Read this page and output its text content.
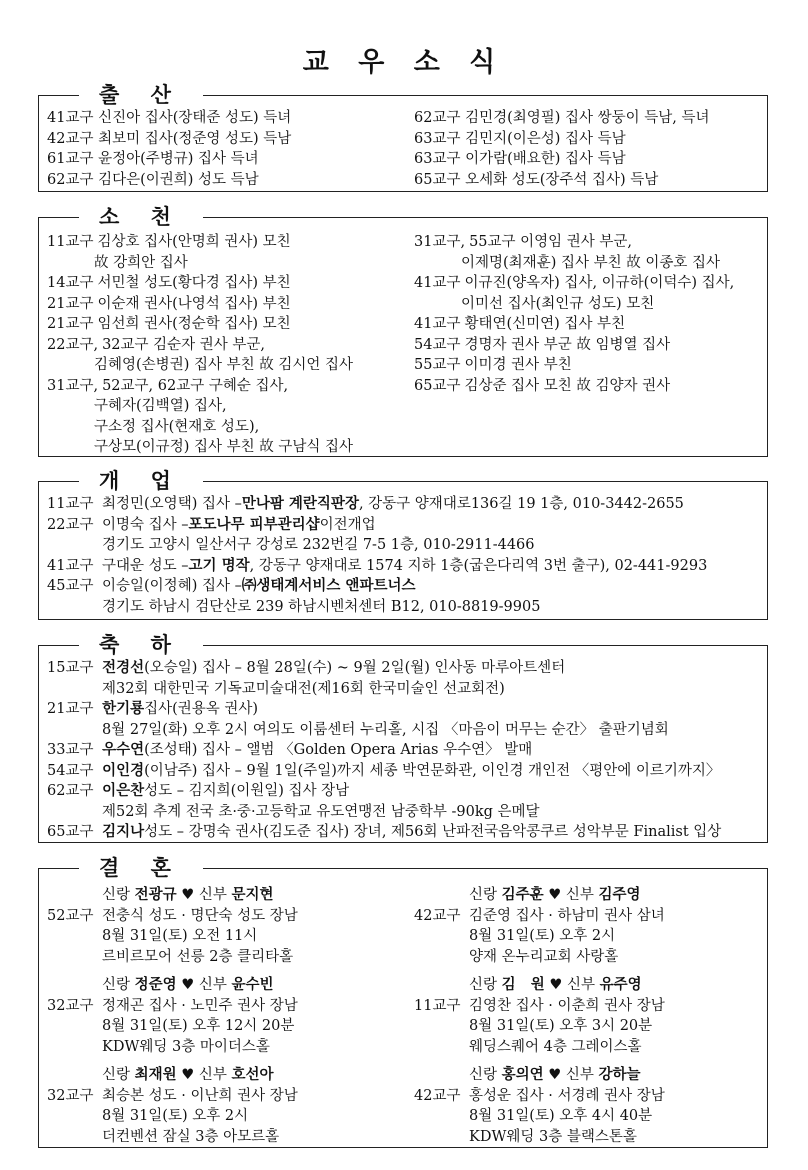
교 우 소 식
출 산
41교구 신진아 집사(장태준 성도) 득녀
42교구 최보미 집사(정준영 성도) 득남
61교구 윤정아(주병규) 집사 득녀
62교구 김다은(이권희) 성도 득남
62교구 김민경(최영필) 집사 쌍둥이 득남, 득녀
63교구 김민지(이은성) 집사 득남
63교구 이가람(배요한) 집사 득남
65교구 오세화 성도(장주석 집사) 득남
소 천
11교구 김상호 집사(안명희 권사) 모친
故 강희안 집사
14교구 서민철 성도(황다경 집사) 부친
21교구 이순재 권사(나영석 집사) 부친
21교구 임선희 권사(정순학 집사) 모친
22교구, 32교구 김순자 권사 부군,
김혜영(손병권) 집사 부친 故 김시언 집사
31교구, 52교구, 62교구 구혜순 집사,
구혜자(김백열) 집사,
구소정 집사(현재호 성도),
구상모(이규정) 집사 부친 故 구남식 집사
31교구, 55교구 이영임 권사 부군,
이제명(최재훈) 집사 부친 故 이종호 집사
41교구 이규진(양옥자) 집사, 이규하(이덕수) 집사,
이미선 집사(최인규 성도) 모친
41교구 황태연(신미연) 집사 부친
54교구 경명자 권사 부군 故 임병열 집사
55교구 이미경 권사 부친
65교구 김상준 집사 모친 故 김양자 권사
개 업
11교구 최정민(오영택) 집사 – 만나팜 계란직판장 , 강동구 양재대로136길 19 1층, 010-3442-2655
22교구 이명숙 집사 – 포도나무 피부관리샵 이전개업
경기도 고양시 일산서구 강성로 232번길 7-5 1층, 010-2911-4466
41교구 구대운 성도 – 고기 명작 , 강동구 양재대로 1574 지하 1층(굽은다리역 3번 출구), 02-441-9293
45교구 이승일(이정혜) 집사 – ㈜생태계서비스 앤파트너스
경기도 하남시 검단산로 239 하남시벤처센터 B12, 010-8819-9905
축 하
15교구
전경선 (오승일) 집사 – 8월 28일(수) ~ 9월 2일(월) 인사동 마루아트센터
제32회 대한민국 기독교미술대전(제16회 한국미술인 선교회전)
21교구
한기룡 집사(권용옥 권사)
8월 27일(화) 오후 2시 여의도 이룸센터 누리홀, 시집 〈마음이 머무는 순간〉 출판기념회
33교구
우수연 (조성태) 집사 – 앨범 〈Golden Opera Arias 우수연〉 발매
54교구
이인경 (이남주) 집사 – 9월 1일(주일)까지 세종 박연문화관, 이인경 개인전 〈평안에 이르기까지〉
62교구
이은찬 성도 – 김지희(이원일) 집사 장남
제52회 추계 전국 초·중·고등학교 유도연맹전 남중학부 -90kg 은메달
65교구
김지나 성도 – 강명숙 권사(김도준 집사) 장녀, 제56회 난파전국음악콩쿠르 성악부문 Finalist 입상
결 혼
52교구
신랑 전광규 ♥ 신부 문지현
전충식 성도 · 명단숙 성도 장남
8월 31일(토) 오전 11시
르비르모어 선릉 2층 클리타홀
42교구
신랑 김주훈 ♥ 신부 김주영
김준영 집사 · 하남미 권사 삼녀
8월 31일(토) 오후 2시
양재 온누리교회 사랑홀
32교구
신랑 정준영 ♥ 신부 윤수빈
정재곤 집사 · 노민주 권사 장남
8월 31일(토) 오후 12시 20분
KDW웨딩 3층 마이더스홀
11교구
신랑 김   원 ♥ 신부 유주영
김영찬 집사 · 이춘희 권사 장남
8월 31일(토) 오후 3시 20분
웨딩스퀘어 4층 그레이스홀
32교구
신랑 최재원 ♥ 신부 호선아
최승본 성도 · 이난희 권사 장남
8월 31일(토) 오후 2시
더컨벤션 잠실 3층 아모르홀
42교구
신랑 홍의연 ♥ 신부 강하늘
홍성운 집사 · 서경례 권사 장남
8월 31일(토) 오후 4시 40분
KDW웨딩 3층 블랙스톤홀
